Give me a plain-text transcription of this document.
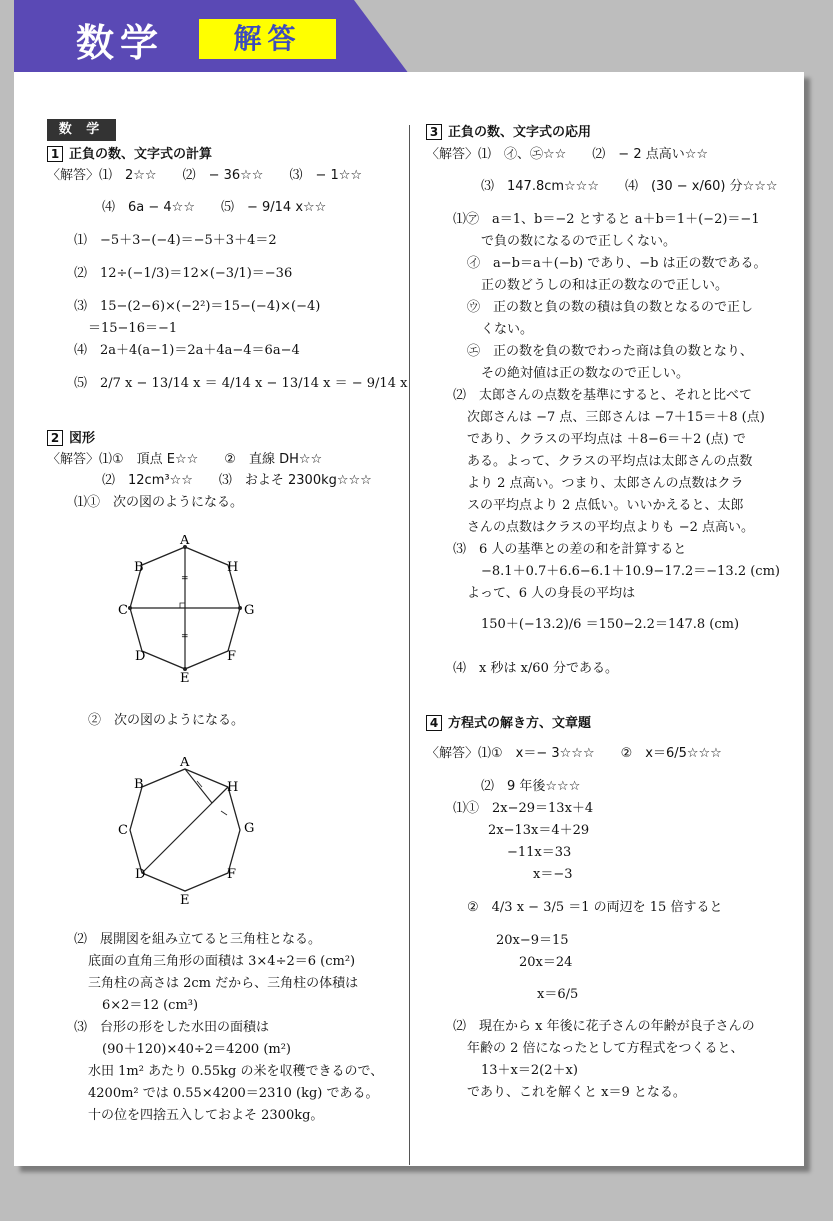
数学	解答
数 学
1 正負の数、文字式の計算
〈解答〉⑴　2☆☆　　⑵　− 36☆☆　　⑶　− 1☆☆
⑷　6a − 4☆☆　　⑸　− 9/14 x☆☆
⑴　−5＋3−(−4)＝−5＋3＋4＝2
⑵　12÷(−1/3)＝12×(−3/1)＝−36
⑶　15−(2−6)×(−2²)＝15−(−4)×(−4)
＝15−16＝−1
⑷　2a＋4(a−1)＝2a＋4a−4＝6a−4
⑸　2/7 x − 13/14 x ＝ 4/14 x − 13/14 x ＝ − 9/14 x
2 図形
〈解答〉⑴①　頂点 E☆☆　　②　直線 DH☆☆
⑵　12cm³☆☆　　⑶　およそ 2300kg☆☆☆
⑴①　次の図のようになる。
=
=
A
H
G
F
E
D
C
B
②　次の図のようになる。
A
H
G
F
E
D
C
B
⑵　展開図を組み立てると三角柱となる。
底面の直角三角形の面積は 3×4÷2＝6 (cm²)
三角柱の高さは 2cm だから、三角柱の体積は
6×2＝12 (cm³)
⑶　台形の形をした水田の面積は
(90＋120)×40÷2＝4200 (m²)
水田 1m² あたり 0.55kg の米を収穫できるので、
4200m² では 0.55×4200＝2310 (kg) である。
十の位を四捨五入しておよそ 2300kg。
3 正負の数、文字式の応用
〈解答〉⑴　㋑、㋓☆☆　　⑵　− 2 点高い☆☆
⑶　147.8cm☆☆☆　　⑷　(30 − x/60) 分☆☆☆
⑴㋐　a＝1、b＝−2 とすると a＋b＝1＋(−2)＝−1
で負の数になるので正しくない。
㋑　a−b＝a＋(−b) であり、−b は正の数である。
正の数どうしの和は正の数なので正しい。
㋒　正の数と負の数の積は負の数となるので正し
くない。
㋓　正の数を負の数でわった商は負の数となり、
その絶対値は正の数なので正しい。
⑵　太郎さんの点数を基準にすると、それと比べて
次郎さんは −7 点、三郎さんは −7＋15＝＋8 (点)
であり、クラスの平均点は ＋8−6＝＋2 (点) で
ある。よって、クラスの平均点は太郎さんの点数
より 2 点高い。つまり、太郎さんの点数はクラ
スの平均点より 2 点低い。いいかえると、太郎
さんの点数はクラスの平均点よりも −2 点高い。
⑶　6 人の基準との差の和を計算すると
−8.1＋0.7＋6.6−6.1＋10.9−17.2＝−13.2 (cm)
よって、6 人の身長の平均は
150＋(−13.2)/6 ＝150−2.2＝147.8 (cm)
⑷　x 秒は x/60 分である。
4 方程式の解き方、文章題
〈解答〉⑴①　x＝− 3☆☆☆　　②　x＝6/5☆☆☆
⑵　9 年後☆☆☆
⑴①　2x−29＝13x＋4
2x−13x＝4＋29
−11x＝33
x＝−3
②　4/3 x − 3/5 ＝1 の両辺を 15 倍すると
20x−9＝15
20x＝24
x＝6/5
⑵　現在から x 年後に花子さんの年齢が良子さんの
年齢の 2 倍になったとして方程式をつくると、
13＋x＝2(2＋x)
であり、これを解くと x＝9 となる。
